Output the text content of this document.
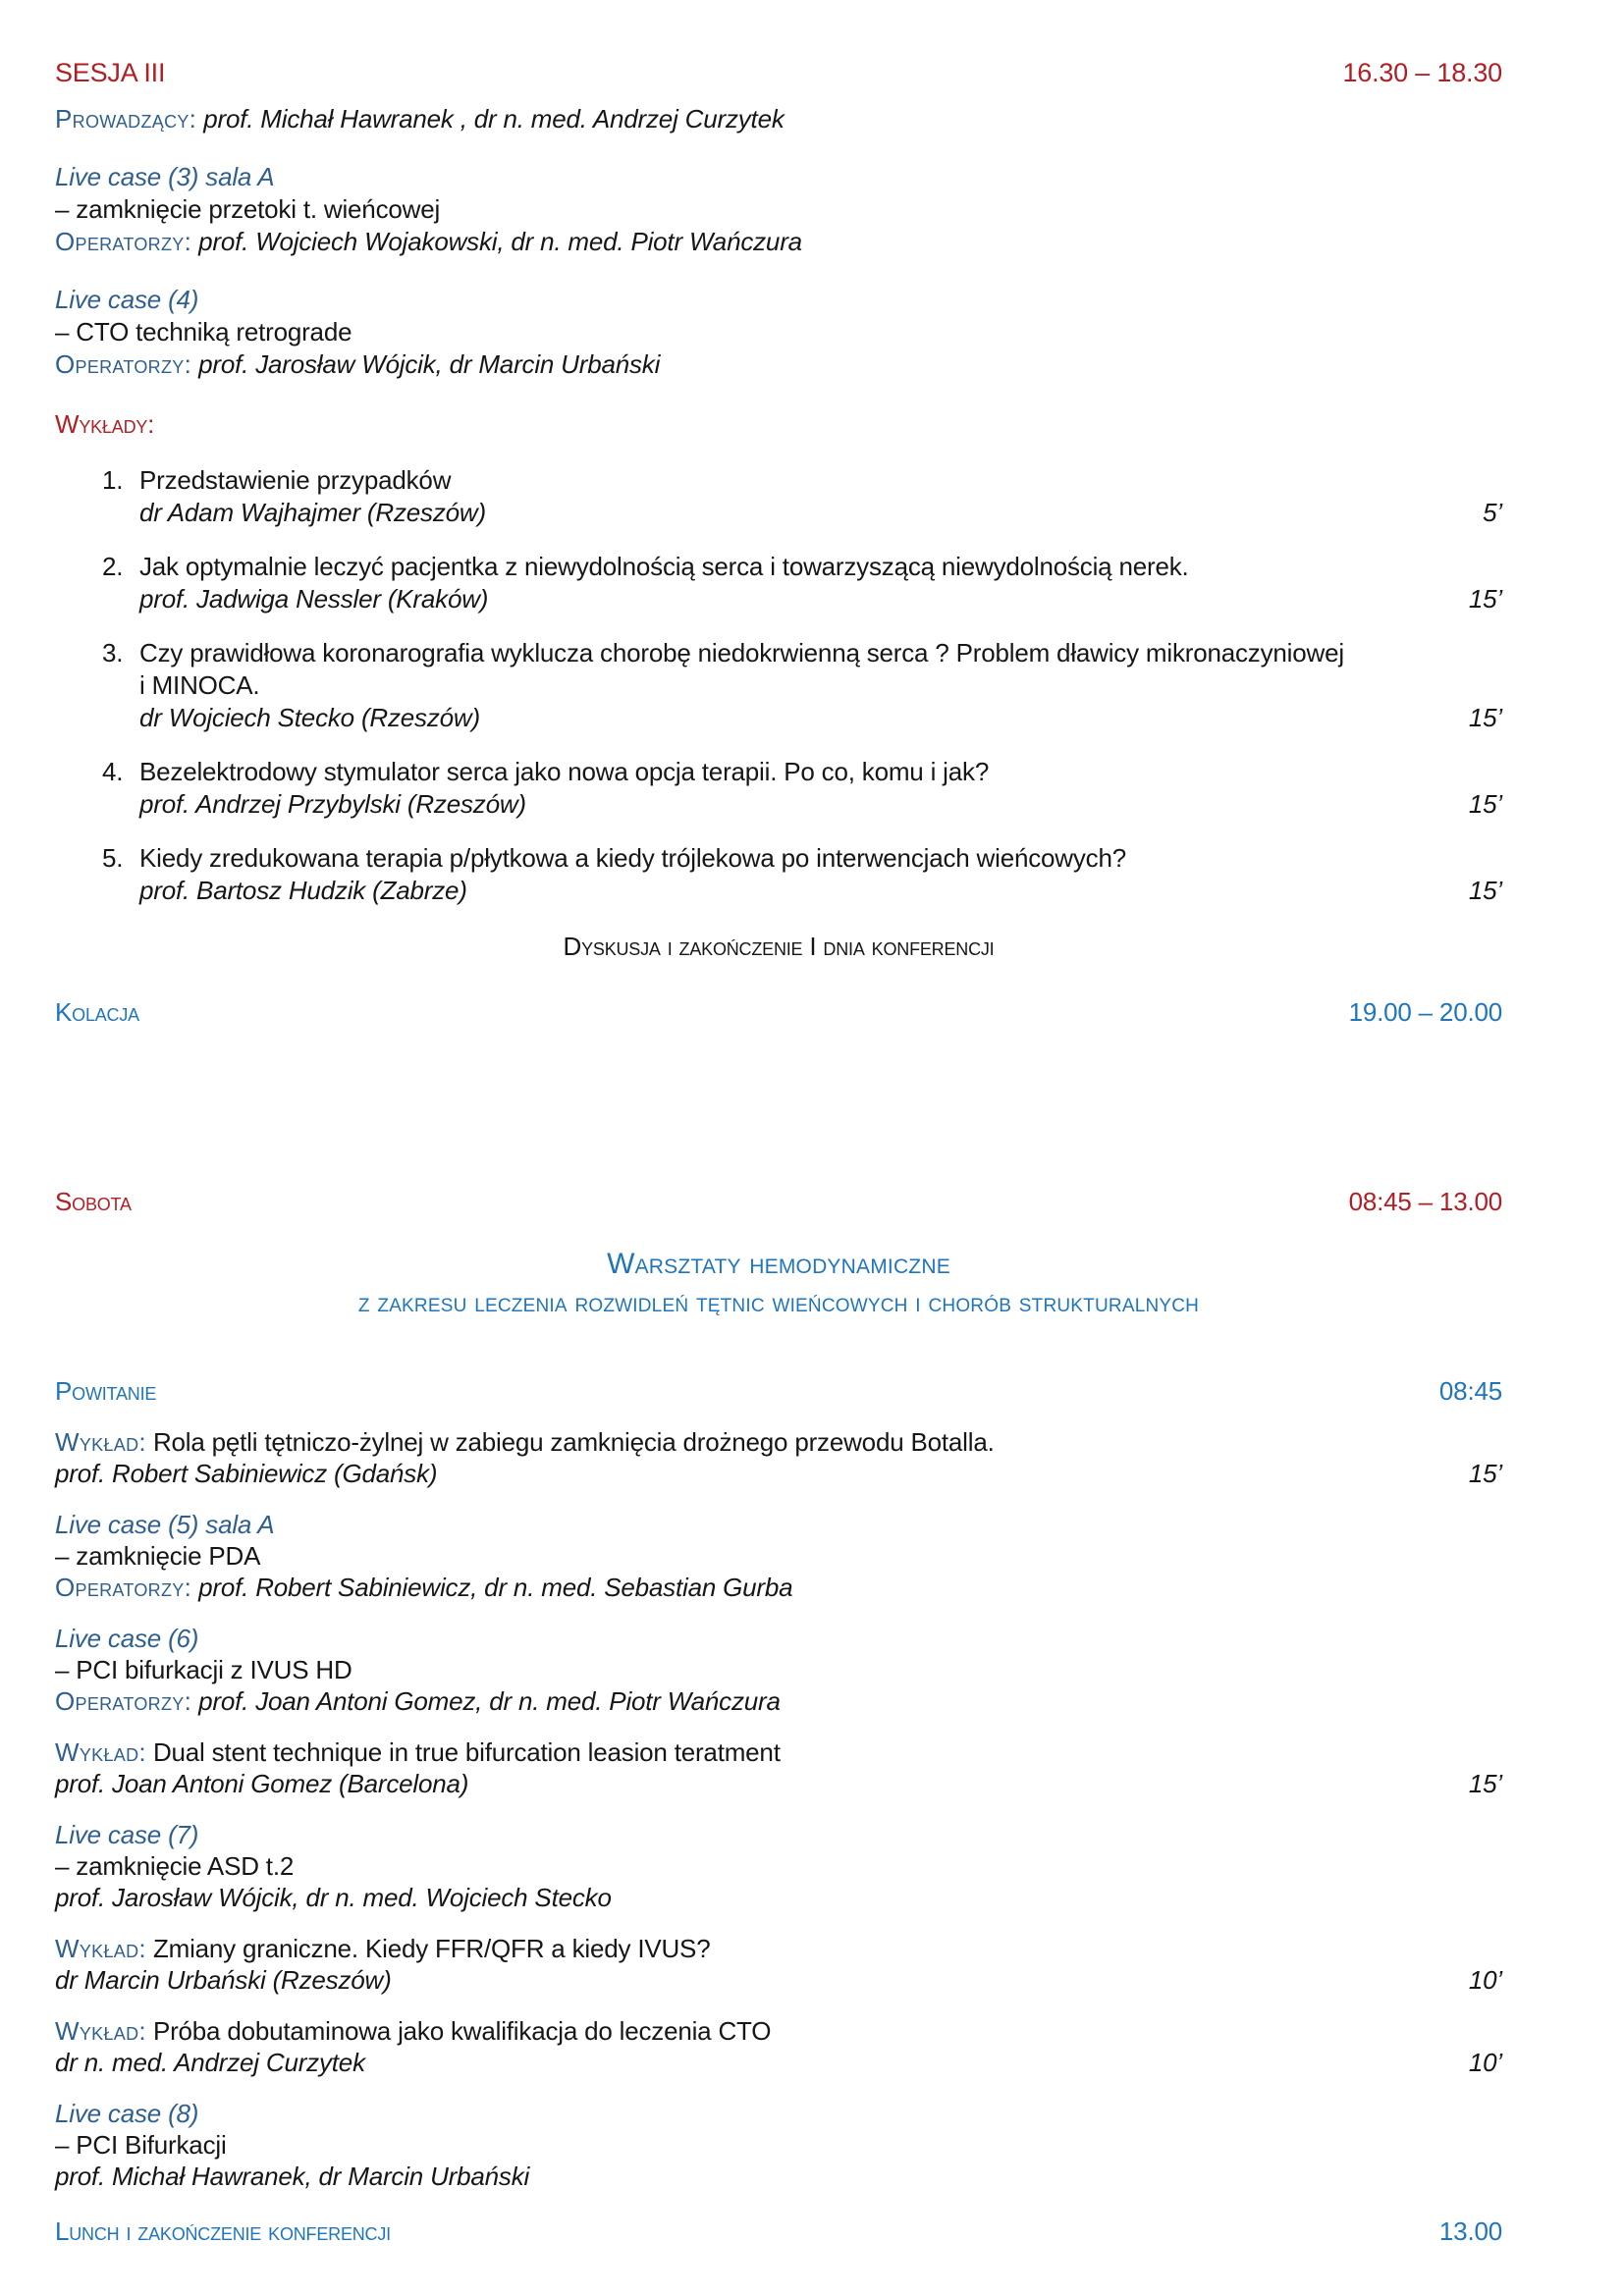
SESJA III	16.30 – 18.30

Prowadzący: prof. Michał Hawranek , dr n. med. Andrzej Curzytek

Live case (3) sala A

– zamknięcie przetoki t. wieńcowej

Operatorzy: prof. Wojciech Wojakowski, dr n. med. Piotr Wańczura

Live case (4)

– CTO techniką retrograde

Operatorzy: prof. Jarosław Wójcik, dr Marcin Urbański

Wykłady:

1. Przedstawienie przypadków
dr Adam Wajhajmer (Rzeszów)	5’
2. Jak optymalnie leczyć pacjentka z niewydolnością serca i towarzyszącą niewydolnością nerek.
prof. Jadwiga Nessler (Kraków)	15’
3. Czy prawidłowa koronarografia wyklucza chorobę niedokrwienną serca ? Problem dławicy mikronaczyniowej
i MINOCA.
dr Wojciech Stecko (Rzeszów)	15’
4. Bezelektrodowy stymulator serca jako nowa opcja terapii. Po co, komu i jak?
prof. Andrzej Przybylski (Rzeszów)	15’
5. Kiedy zredukowana terapia p/płytkowa a kiedy trójlekowa po interwencjach wieńcowych?
prof. Bartosz Hudzik (Zabrze)	15’

Dyskusja i zakończenie I dnia konferencji

Kolacja	19.00 – 20.00
Sobota	08:45 – 13.00

Warsztaty hemodynamiczne

z zakresu leczenia rozwidleń tętnic wieńcowych i chorób strukturalnych

Powitanie	08:45

Wykład: Rola pętli tętniczo-żylnej w zabiegu zamknięcia drożnego przewodu Botalla.

prof. Robert Sabiniewicz (Gdańsk)	15’

Live case (5) sala A

– zamknięcie PDA

Operatorzy: prof. Robert Sabiniewicz, dr n. med. Sebastian Gurba

Live case (6)

– PCI bifurkacji z IVUS HD

Operatorzy: prof. Joan Antoni Gomez, dr n. med. Piotr Wańczura

Wykład: Dual stent technique in true bifurcation leasion teratment

prof. Joan Antoni Gomez (Barcelona)	15’

Live case (7)

– zamknięcie ASD t.2

prof. Jarosław Wójcik, dr n. med. Wojciech Stecko

Wykład: Zmiany graniczne. Kiedy FFR/QFR a kiedy IVUS?

dr Marcin Urbański (Rzeszów)	10’

Wykład: Próba dobutaminowa jako kwalifikacja do leczenia CTO

dr n. med. Andrzej Curzytek	10’

Live case (8)

– PCI Bifurkacji

prof. Michał Hawranek, dr Marcin Urbański

Lunch i zakończenie konferencji	13.00
